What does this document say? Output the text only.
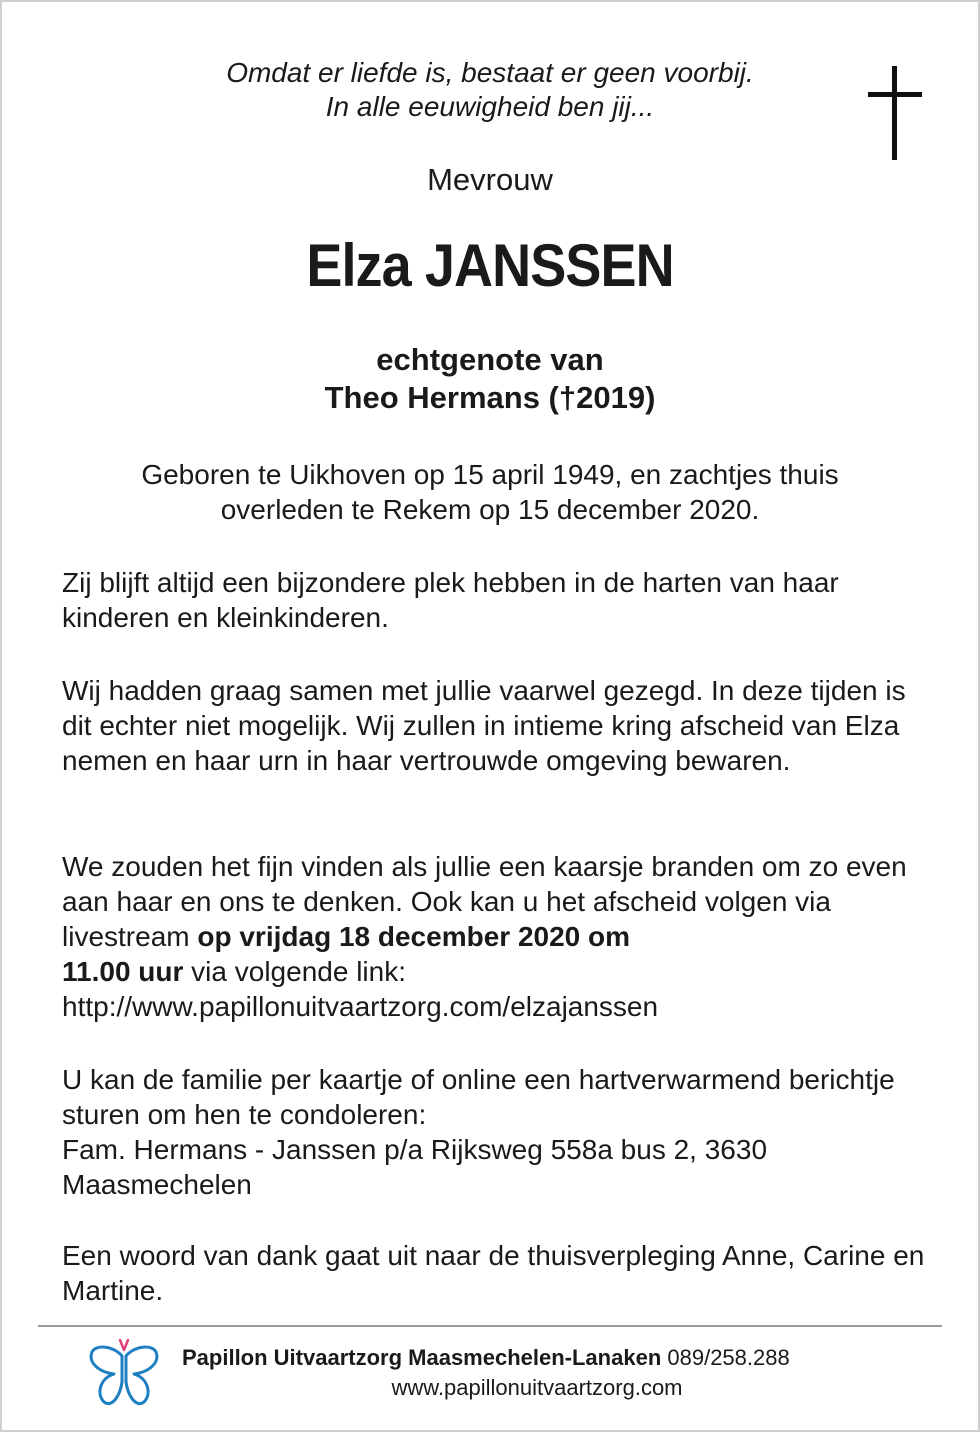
Omdat er liefde is, bestaat er geen voorbij.
In alle eeuwigheid ben jij...
Mevrouw
Elza JANSSEN
echtgenote van
Theo Hermans (†2019)
Geboren te Uikhoven op 15 april 1949, en zachtjes thuis
overleden te Rekem op 15 december 2020.

Zij blijft altijd een bijzondere plek hebben in de harten van haar kinderen en kleinkinderen.

Wij hadden graag samen met jullie vaarwel gezegd. In deze tijden is dit echter niet mogelijk. Wij zullen in intieme kring afscheid van Elza nemen en haar urn in haar vertrouwde omgeving bewaren.

We zouden het fijn vinden als jullie een kaarsje branden om zo even aan haar en ons te denken. Ook kan u het afscheid volgen via livestream op vrijdag 18 december 2020 om
11.00 uur via volgende link:
http://www.papillonuitvaartzorg.com/elzajanssen

U kan de familie per kaartje of online een hartverwarmend berichtje sturen om hen te condoleren:
Fam. Hermans - Janssen p/a Rijksweg 558a bus 2, 3630 Maasmechelen

Een woord van dank gaat uit naar de thuisverpleging Anne, Carine en Martine.

Papillon Uitvaartzorg Maasmechelen-Lanaken 089/258.288
www.papillonuitvaartzorg.com
